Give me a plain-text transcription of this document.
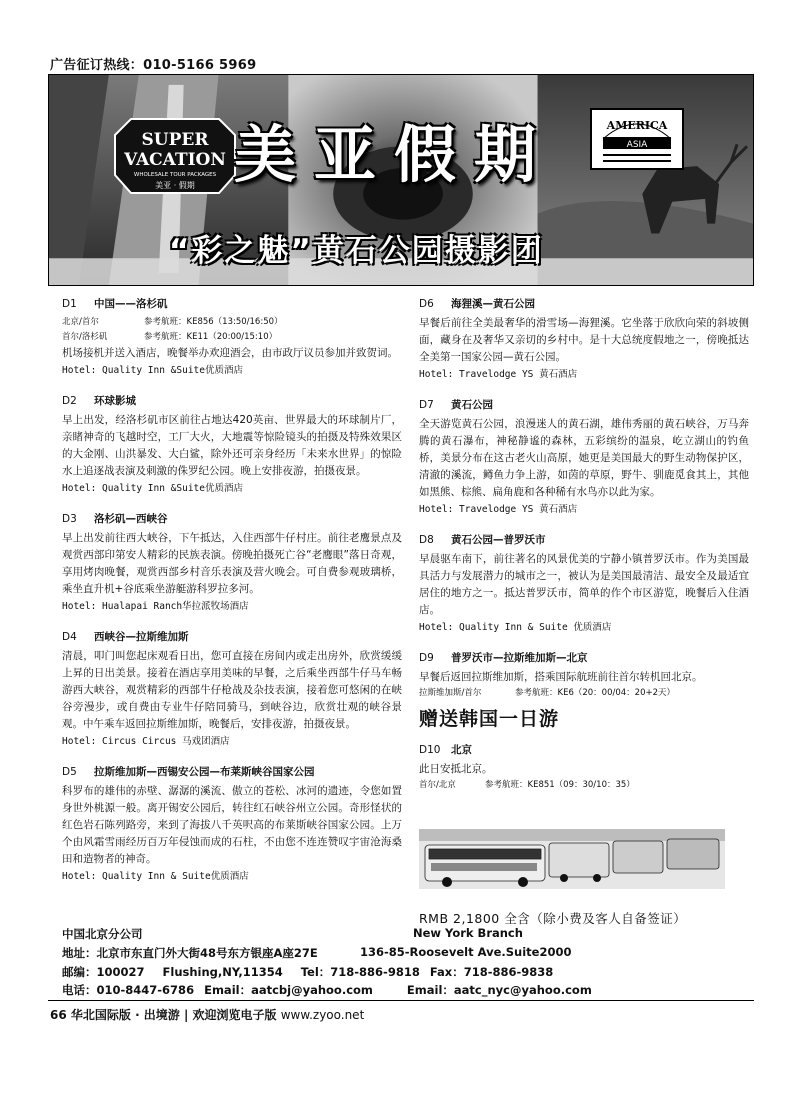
广告征订热线：010-5166 5969
SUPER
VACATION
WHOLESALE TOUR PACKAGES
美亚 · 假期
AMERICA
ASIA
美亚假期
“彩之魅”黄石公园摄影团
D1 中国——洛杉矶
北京/首尔	参考航班：KE856（13:50/16:50）
首尔/洛杉矶	参考航班：KE11（20:00/15:10）
机场接机并送入酒店，晚餐举办欢迎酒会，由市政厅议员参加并致贺词。
Hotel: Quality Inn &Suite优质酒店
D2 环球影城
早上出发，经洛杉矶市区前往占地达420英亩、世界最大的环球制片厂，亲睹神奇的飞越时空，工厂大火，大地震等惊险镜头的拍摄及特殊效果区的大金刚、山洪暴发、大白鲨，除外还可亲身经历「未来水世界」的惊险水上追逐战表演及刺激的侏罗纪公园。晚上安排夜游，拍摄夜景。
Hotel: Quality Inn &Suite优质酒店
D3 洛杉矶—西峡谷
早上出发前往西大峡谷，下午抵达，入住西部牛仔村庄。前往老鹰景点及观赏西部印第安人精彩的民族表演。傍晚拍摄死亡谷“老鹰眼”落日奇观，享用烤肉晚餐，观赏西部乡村音乐表演及营火晚会。可自费参观玻璃桥，乘坐直升机+谷底乘坐游艇游科罗拉多河。
Hotel: Hualapai Ranch华拉派牧场酒店
D4 西峡谷—拉斯维加斯
清晨，叩门叫您起床观看日出，您可直接在房间内或走出房外，欣赏缓缓上昇的日出美景。接着在酒店享用美味的早餐，之后乘坐西部牛仔马车畅游西大峡谷，观赏精彩的西部牛仔枪战及杂技表演，接着您可悠闲的在峡谷旁漫步，或自费由专业牛仔陪同骑马，到峡谷边，欣赏壮观的峡谷景观。中午乘车返回拉斯维加斯，晚餐后，安排夜游，拍摄夜景。
Hotel: Circus Circus 马戏团酒店
D5 拉斯维加斯—西锡安公园—布莱斯峡谷国家公园
科罗布的雄伟的赤壁、潺潺的溪流、傲立的苍松、冰河的遗迹，令您如置身世外桃源一般。离开锡安公园后，转往红石峡谷州立公园。奇形怪状的红色岩石陈列路旁，来到了海拔八千英呎高的布莱斯峡谷国家公园。上万个由风霜雪雨经历百万年侵蚀而成的石柱，不由您不连连赞叹宇宙沧海桑田和造物者的神奇。
Hotel: Quality Inn & Suite优质酒店
D6 海狸溪—黄石公园
早餐后前往全美最奢华的滑雪场—海狸溪。它坐落于欣欣向荣的斜坡侧面，藏身在及奢华又亲切的乡村中。是十大总统度假地之一，傍晚抵达全美第一国家公园—黄石公园。
Hotel: Travelodge YS 黄石酒店
D7 黄石公园
全天游览黄石公园，浪漫迷人的黄石湖，雄伟秀丽的黄石峡谷，万马奔腾的黄石瀑布，神秘静谧的森林，五彩缤纷的温泉，屹立湖山的钓鱼桥，美景分布在这古老火山高原，她更是美国最大的野生动物保护区，清澈的溪流，鳟鱼力争上游，如茵的草原，野牛、驯鹿觅食其上，其他如黑熊、棕熊、扁角鹿和各种稀有水鸟亦以此为家。
Hotel: Travelodge YS 黄石酒店
D8 黄石公园—普罗沃市
早晨驱车南下，前往著名的风景优美的宁静小镇普罗沃市。作为美国最具活力与发展潜力的城市之一，被认为是美国最清洁、最安全及最适宜居住的地方之一。抵达普罗沃市，简单的作个市区游览，晚餐后入住酒店。
Hotel: Quality Inn & Suite 优质酒店
D9 普罗沃市—拉斯维加斯—北京
早餐后返回拉斯维加斯，搭乘国际航班前往首尔转机回北京。
拉斯维加斯/首尔	参考航班：KE6（20：00/04：20+2天）
赠送韩国一日游
D10 北京
此日安抵北京。
首尔/北京	参考航班：KE851（09：30/10：35）
RMB 2,1800 全含（除小费及客人自备签证）
中国北京分公司	New York Branch
地址：北京市东直门外大街48号东方银座A座27E	136-85-Roosevelt Ave.Suite2000
邮编：100027 Flushing,NY,11354 Tel：718-886-9818 Fax：718-886-9838
电话：010-8447-6786 Email：aatcbj@yahoo.com	Email：aatc_nyc@yahoo.com
66 华北国际版 · 出境游 | 欢迎浏览电子版 www.zyoo.net
